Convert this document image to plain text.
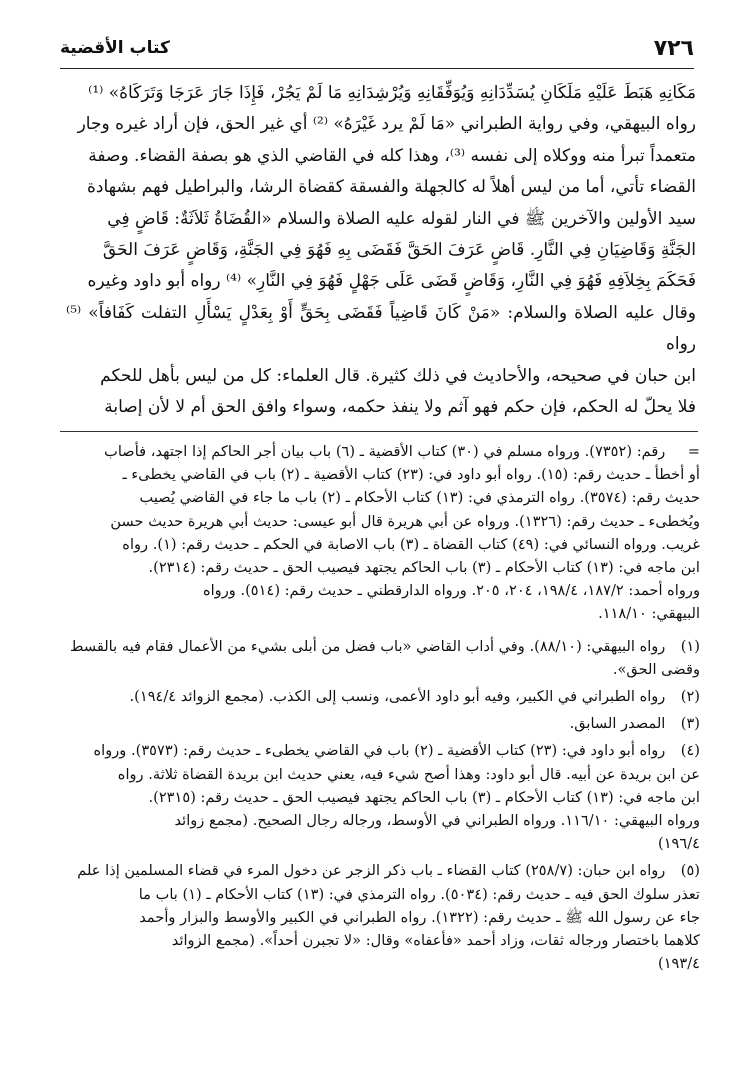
٧٢٦
كتاب الأقضية

مَكَانِهِ هَبَطَ عَلَيْهِ مَلَكَانِ يُسَدِّدَانِهِ وَيُوَفِّقَانِهِ وَيُرْشِدَانِهِ مَا لَمْ يَجُرْ، فَإِذَا جَارَ عَرَجَا وَتَرَكَاهُ» ⁽¹⁾

رواه البيهقي، وفي رواية الطبراني «مَا لَمْ يرد غَيْرَهُ» ⁽²⁾ أي غير الحق، فإن أراد غيره وجار

متعمداً تبرأ منه ووكلاه إلى نفسه ⁽³⁾، وهذا كله في القاضي الذي هو بصفة القضاء. وصفة

القضاء تأتي، أما من ليس أهلاً له كالجهلة والفسقة كقضاة الرشا، والبراطيل فهم بشهادة

سيد الأولين والآخرين ﷺ في النار لقوله عليه الصلاة والسلام «القُضَاةُ ثَلاَثَةٌ: قَاضٍ فِي

الجَنَّةِ وَقَاضِيَانِ فِي النَّارِ. قَاضٍ عَرَفَ الحَقَّ فَقَضَى بِهِ فَهُوَ فِي الجَنَّةِ، وَقَاضٍ عَرَفَ الحَقَّ

فَحَكَمَ بِخِلاَفِهِ فَهُوَ فِي النَّارِ، وَقَاضٍ قَضَى عَلَى جَهْلٍ فَهُوَ فِي النَّارِ» ⁽⁴⁾ رواه أبو داود وغيره

وقال عليه الصلاة والسلام: «مَنْ كَانَ قَاضِياً فَقَضَى بِحَقٍّ أَوْ بِعَدْلٍ يَسْأَلِ التفلت كَفَافاً» ⁽⁵⁾ رواه

ابن حبان في صحيحه، والأحاديث في ذلك كثيرة. قال العلماء: كل من ليس بأهل للحكم

فلا يحلّ له الحكم، فإن حكم فهو آثم ولا ينفذ حكمه، وسواء وافق الحق أم لا لأن إصابة

= رقم: (٧٣٥٢). ورواه مسلم في (٣٠) كتاب الأقضية ـ (٦) باب بيان أجر الحاكم إذا اجتهد، فأصاب
أو أخطأ ـ حديث رقم: (١٥). رواه أبو داود في: (٢٣) كتاب الأقضية ـ (٢) باب في القاضي يخطىء ـ
حديث رقم: (٣٥٧٤). رواه الترمذي في: (١٣) كتاب الأحكام ـ (٢) باب ما جاء في القاضي يُصيب
ويُخطىء ـ حديث رقم: (١٣٢٦). ورواه عن أبي هريرة قال أبو عيسى: حديث أبي هريرة حديث حسن
غريب. ورواه النسائي في: (٤٩) كتاب القضاة ـ (٣) باب الاصابة في الحكم ـ حديث رقم: (١). رواه
ابن ماجه في: (١٣) كتاب الأحكام ـ (٣) باب الحاكم يجتهد فيصيب الحق ـ حديث رقم: (٢٣١٤).
ورواه أحمد: ١٨٧/٢، ١٩٨/٤، ٢٠٤، ٢٠٥. ورواه الدارقطني ـ حديث رقم: (٥١٤). ورواه
البيهقي: ١١٨/١٠.
(١) رواه البيهقي: (٨٨/١٠). وفي أداب القاضي «باب فضل من أبلى بشيء من الأعمال فقام فيه بالقسط
وقضى الحق».
(٢) رواه الطبراني في الكبير، وفيه أبو داود الأعمى، ونسب إلى الكذب. (مجمع الزوائد ١٩٤/٤).
(٣) المصدر السابق.
(٤) رواه أبو داود في: (٢٣) كتاب الأقضية ـ (٢) باب في القاضي يخطىء ـ حديث رقم: (٣٥٧٣). ورواه
عن ابن بريدة عن أبيه. قال أبو داود: وهذا أصح شيء فيه، يعني حديث ابن بريدة القضاة ثلاثة. رواه
ابن ماجه في: (١٣) كتاب الأحكام ـ (٣) باب الحاكم يجتهد فيصيب الحق ـ حديث رقم: (٢٣١٥).
ورواه البيهقي: ١١٦/١٠. ورواه الطبراني في الأوسط، ورجاله رجال الصحيح. (مجمع زوائد
١٩٦/٤)
(٥) رواه ابن حبان: (٢٥٨/٧) كتاب القضاء ـ باب ذكر الزجر عن دخول المرء في قضاء المسلمين إذا علم
تعذر سلوك الحق فيه ـ حديث رقم: (٥٠٣٤). رواه الترمذي في: (١٣) كتاب الأحكام ـ (١) باب ما
جاء عن رسول الله ﷺ ـ حديث رقم: (١٣٢٢). رواه الطبراني في الكبير والأوسط والبزار وأحمد
كلاهما باختصار ورجاله ثقات، وزاد أحمد «فأعفاه» وقال: «لا تجبرن أحداً». (مجمع الزوائد
١٩٣/٤)
